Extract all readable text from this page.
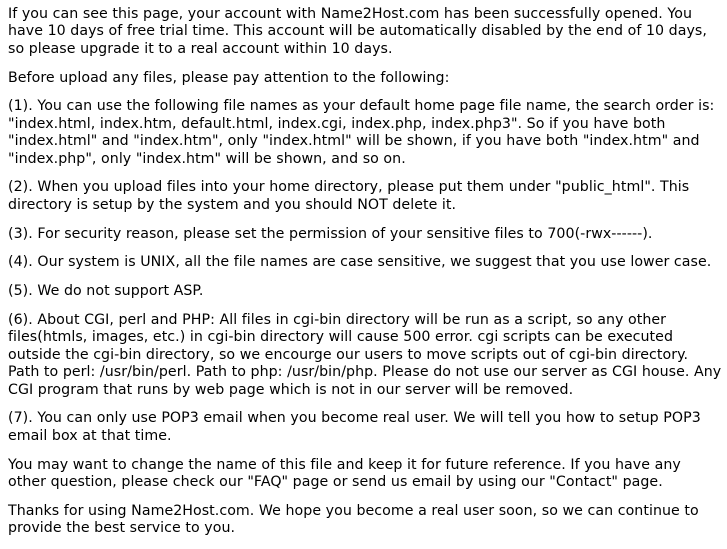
If you can see this page, your account with Name2Host.com has been successfully opened. You have 10 days of free trial time. This account will be automatically disabled by the end of 10 days, so please upgrade it to a real account within 10 days.

Before upload any files, please pay attention to the following:

(1). You can use the following file names as your default home page file name, the search order is: "index.html, index.htm, default.html, index.cgi, index.php, index.php3". So if you have both "index.html" and "index.htm", only "index.html" will be shown, if you have both "index.htm" and "index.php", only "index.htm" will be shown, and so on.

(2). When you upload files into your home directory, please put them under "public_html". This directory is setup by the system and you should NOT delete it.

(3). For security reason, please set the permission of your sensitive files to 700(-rwx------).

(4). Our system is UNIX, all the file names are case sensitive, we suggest that you use lower case.

(5). We do not support ASP.

(6). About CGI, perl and PHP: All files in cgi-bin directory will be run as a script, so any other files(htmls, images, etc.) in cgi-bin directory will cause 500 error. cgi scripts can be executed outside the cgi-bin directory, so we encourge our users to move scripts out of cgi-bin directory. Path to perl: /usr/bin/perl. Path to php: /usr/bin/php. Please do not use our server as CGI house. Any CGI program that runs by web page which is not in our server will be removed.

(7). You can only use POP3 email when you become real user. We will tell you how to setup POP3 email box at that time.

You may want to change the name of this file and keep it for future reference. If you have any other question, please check our "FAQ" page or send us email by using our "Contact" page.

Thanks for using Name2Host.com. We hope you become a real user soon, so we can continue to provide the best service to you.
